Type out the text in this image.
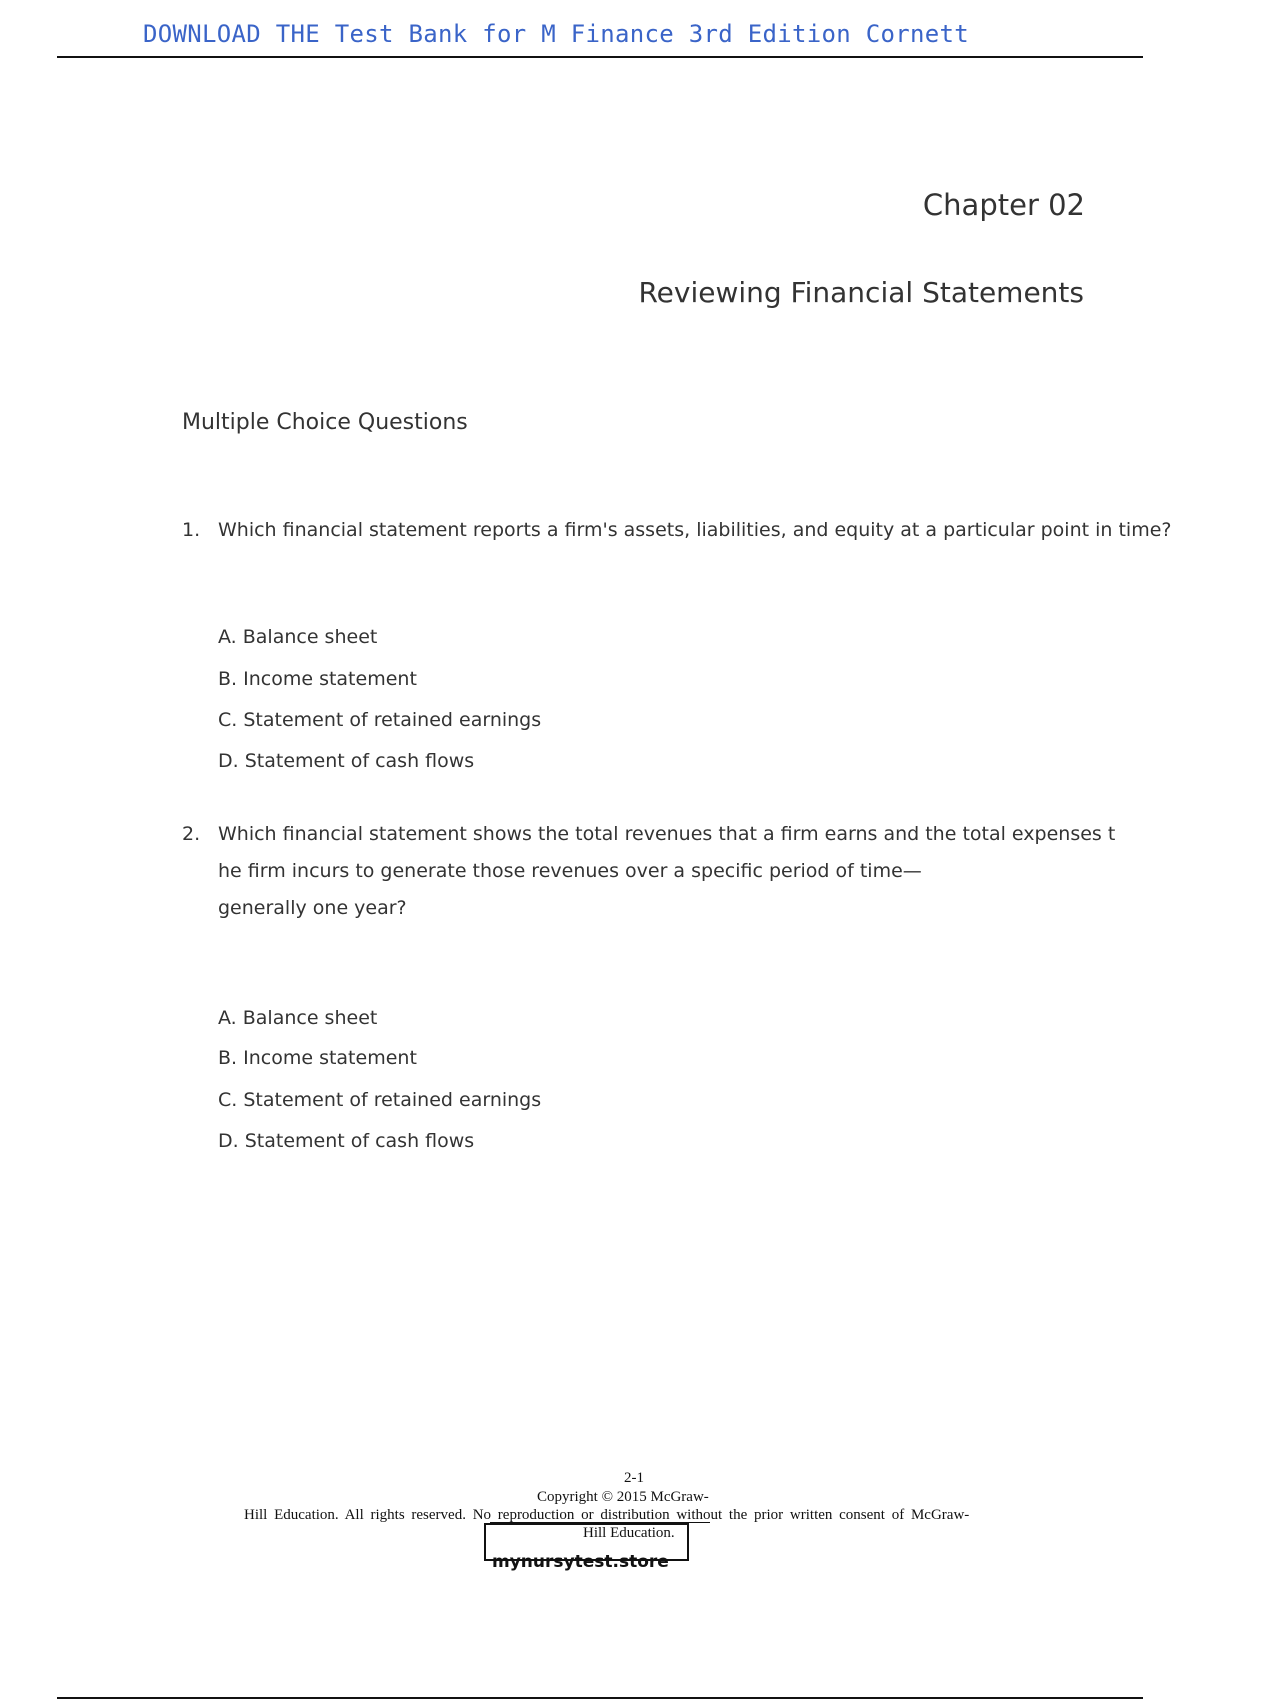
DOWNLOAD THE Test Bank for M Finance 3rd Edition Cornett
Chapter 02
Reviewing Financial Statements
Multiple Choice Questions
1. Which financial statement reports a firm's assets, liabilities, and equity at a particular point in time?
A. Balance sheet
B. Income statement
C. Statement of retained earnings
D. Statement of cash flows
2. Which financial statement shows the total revenues that a firm earns and the total expenses t
he firm incurs to generate those revenues over a specific period of time—
generally one year?
A. Balance sheet
B. Income statement
C. Statement of retained earnings
D. Statement of cash flows
2-1
Copyright © 2015 McGraw-
Hill Education. All rights reserved. No reproduction or distribution without the prior written consent of McGraw-
Hill Education.
mynursytest.store
